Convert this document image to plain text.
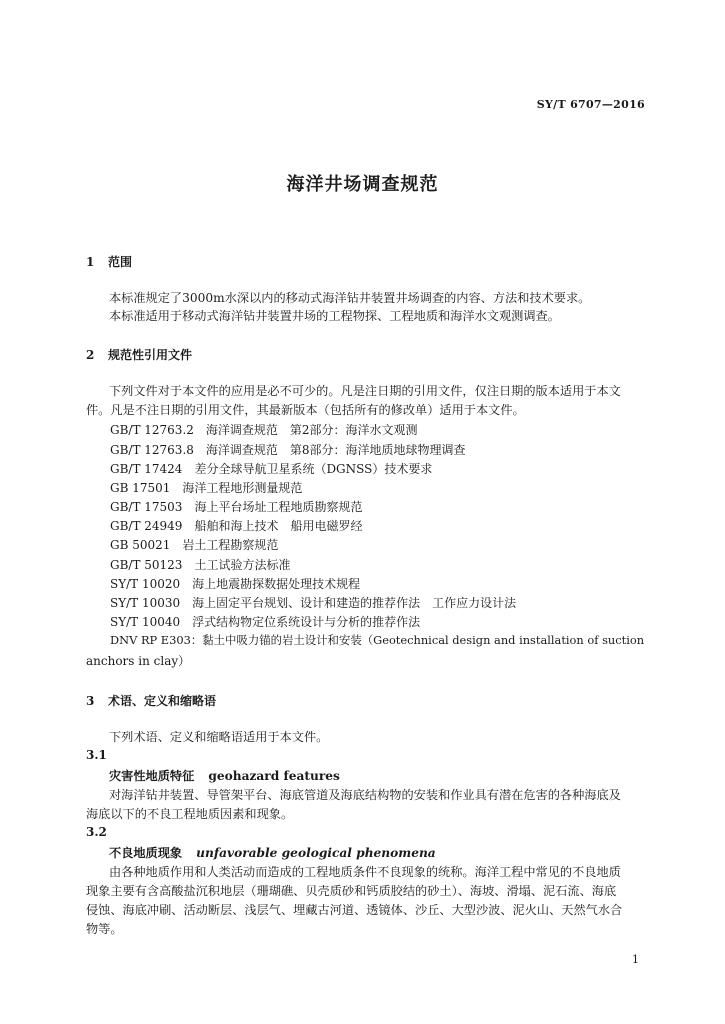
SY/T 6707—2016
海洋井场调查规范
1 范围
本标准规定了3000m水深以内的移动式海洋钻井装置井场调查的内容、方法和技术要求。
本标准适用于移动式海洋钻井装置井场的工程物探、工程地质和海洋水文观测调查。
2 规范性引用文件
下列文件对于本文件的应用是必不可少的。凡是注日期的引用文件，仅注日期的版本适用于本文
件。凡是不注日期的引用文件，其最新版本（包括所有的修改单）适用于本文件。
GB/T 12763.2　海洋调查规范　第2部分：海洋水文观测
GB/T 12763.8　海洋调查规范　第8部分：海洋地质地球物理调查
GB/T 17424　差分全球导航卫星系统（DGNSS）技术要求
GB 17501　海洋工程地形测量规范
GB/T 17503　海上平台场址工程地质勘察规范
GB/T 24949　船舶和海上技术　船用电磁罗经
GB 50021　岩土工程勘察规范
GB/T 50123　土工试验方法标准
SY/T 10020　海上地震勘探数据处理技术规程
SY/T 10030　海上固定平台规划、设计和建造的推荐作法　工作应力设计法
SY/T 10040　浮式结构物定位系统设计与分析的推荐作法
DNV RP E303：黏土中吸力锚的岩土设计和安装（Geotechnical design and installation of suction
anchors in clay）
3 术语、定义和缩略语
下列术语、定义和缩略语适用于本文件。
3.1
灾害性地质特征 geohazard features
对海洋钻井装置、导管架平台、海底管道及海底结构物的安装和作业具有潜在危害的各种海底及
海底以下的不良工程地质因素和现象。
3.2
不良地质现象 unfavorable geological phenomena
由各种地质作用和人类活动而造成的工程地质条件不良现象的统称。海洋工程中常见的不良地质
现象主要有含高酸盐沉积地层（珊瑚礁、贝壳质砂和钙质胶结的砂土）、海坡、滑塌、泥石流、海底
侵蚀、海底冲刷、活动断层、浅层气、埋藏古河道、透镜体、沙丘、大型沙波、泥火山、天然气水合
物等。
1
